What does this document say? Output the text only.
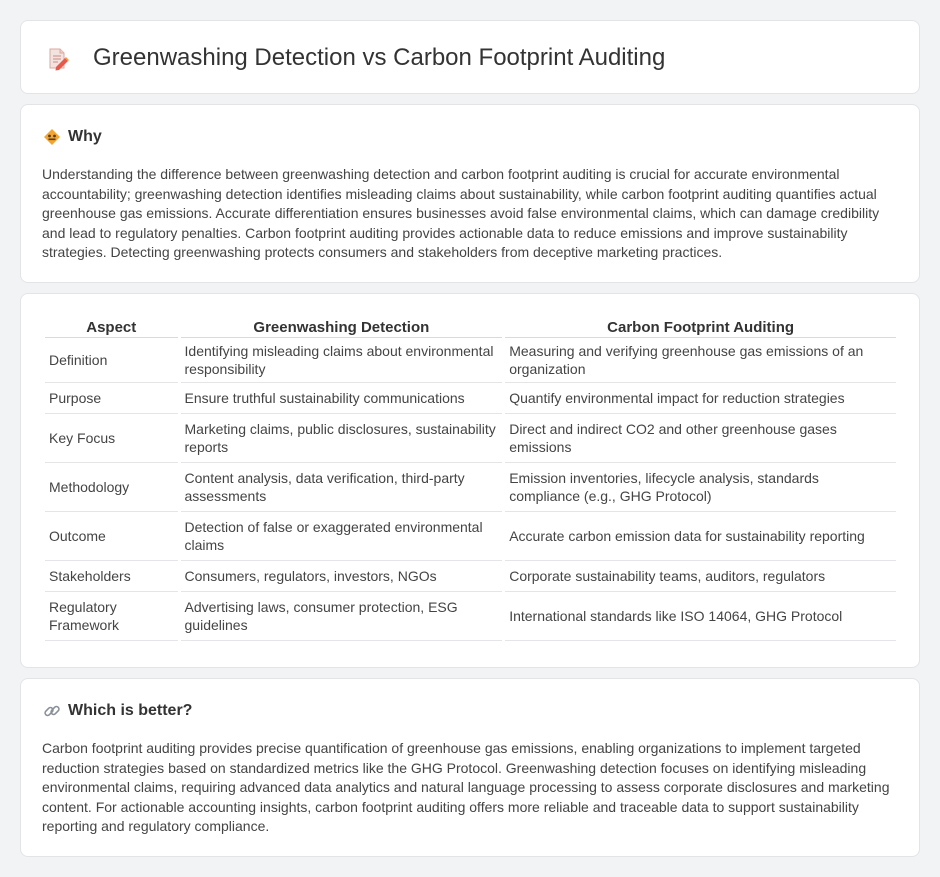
Greenwashing Detection vs Carbon Footprint Auditing
Why

Understanding the difference between greenwashing detection and carbon footprint auditing is crucial for accurate environmental accountability; greenwashing detection identifies misleading claims about sustainability, while carbon footprint auditing quantifies actual greenhouse gas emissions. Accurate differentiation ensures businesses avoid false environmental claims, which can damage credibility and lead to regulatory penalties. Carbon footprint auditing provides actionable data to reduce emissions and improve sustainability strategies. Detecting greenwashing protects consumers and stakeholders from deceptive marketing practices.

Aspect	Greenwashing Detection	Carbon Footprint Auditing
Definition	Identifying misleading claims about environmental responsibility	Measuring and verifying greenhouse gas emissions of an organization
Purpose	Ensure truthful sustainability communications	Quantify environmental impact for reduction strategies
Key Focus	Marketing claims, public disclosures, sustainability reports	Direct and indirect CO2 and other greenhouse gases emissions
Methodology	Content analysis, data verification, third-party assessments	Emission inventories, lifecycle analysis, standards compliance (e.g., GHG Protocol)
Outcome	Detection of false or exaggerated environmental claims	Accurate carbon emission data for sustainability reporting
Stakeholders	Consumers, regulators, investors, NGOs	Corporate sustainability teams, auditors, regulators
Regulatory Framework	Advertising laws, consumer protection, ESG guidelines	International standards like ISO 14064, GHG Protocol
Which is better?

Carbon footprint auditing provides precise quantification of greenhouse gas emissions, enabling organizations to implement targeted reduction strategies based on standardized metrics like the GHG Protocol. Greenwashing detection focuses on identifying misleading environmental claims, requiring advanced data analytics and natural language processing to assess corporate disclosures and marketing content. For actionable accounting insights, carbon footprint auditing offers more reliable and traceable data to support sustainability reporting and regulatory compliance.
